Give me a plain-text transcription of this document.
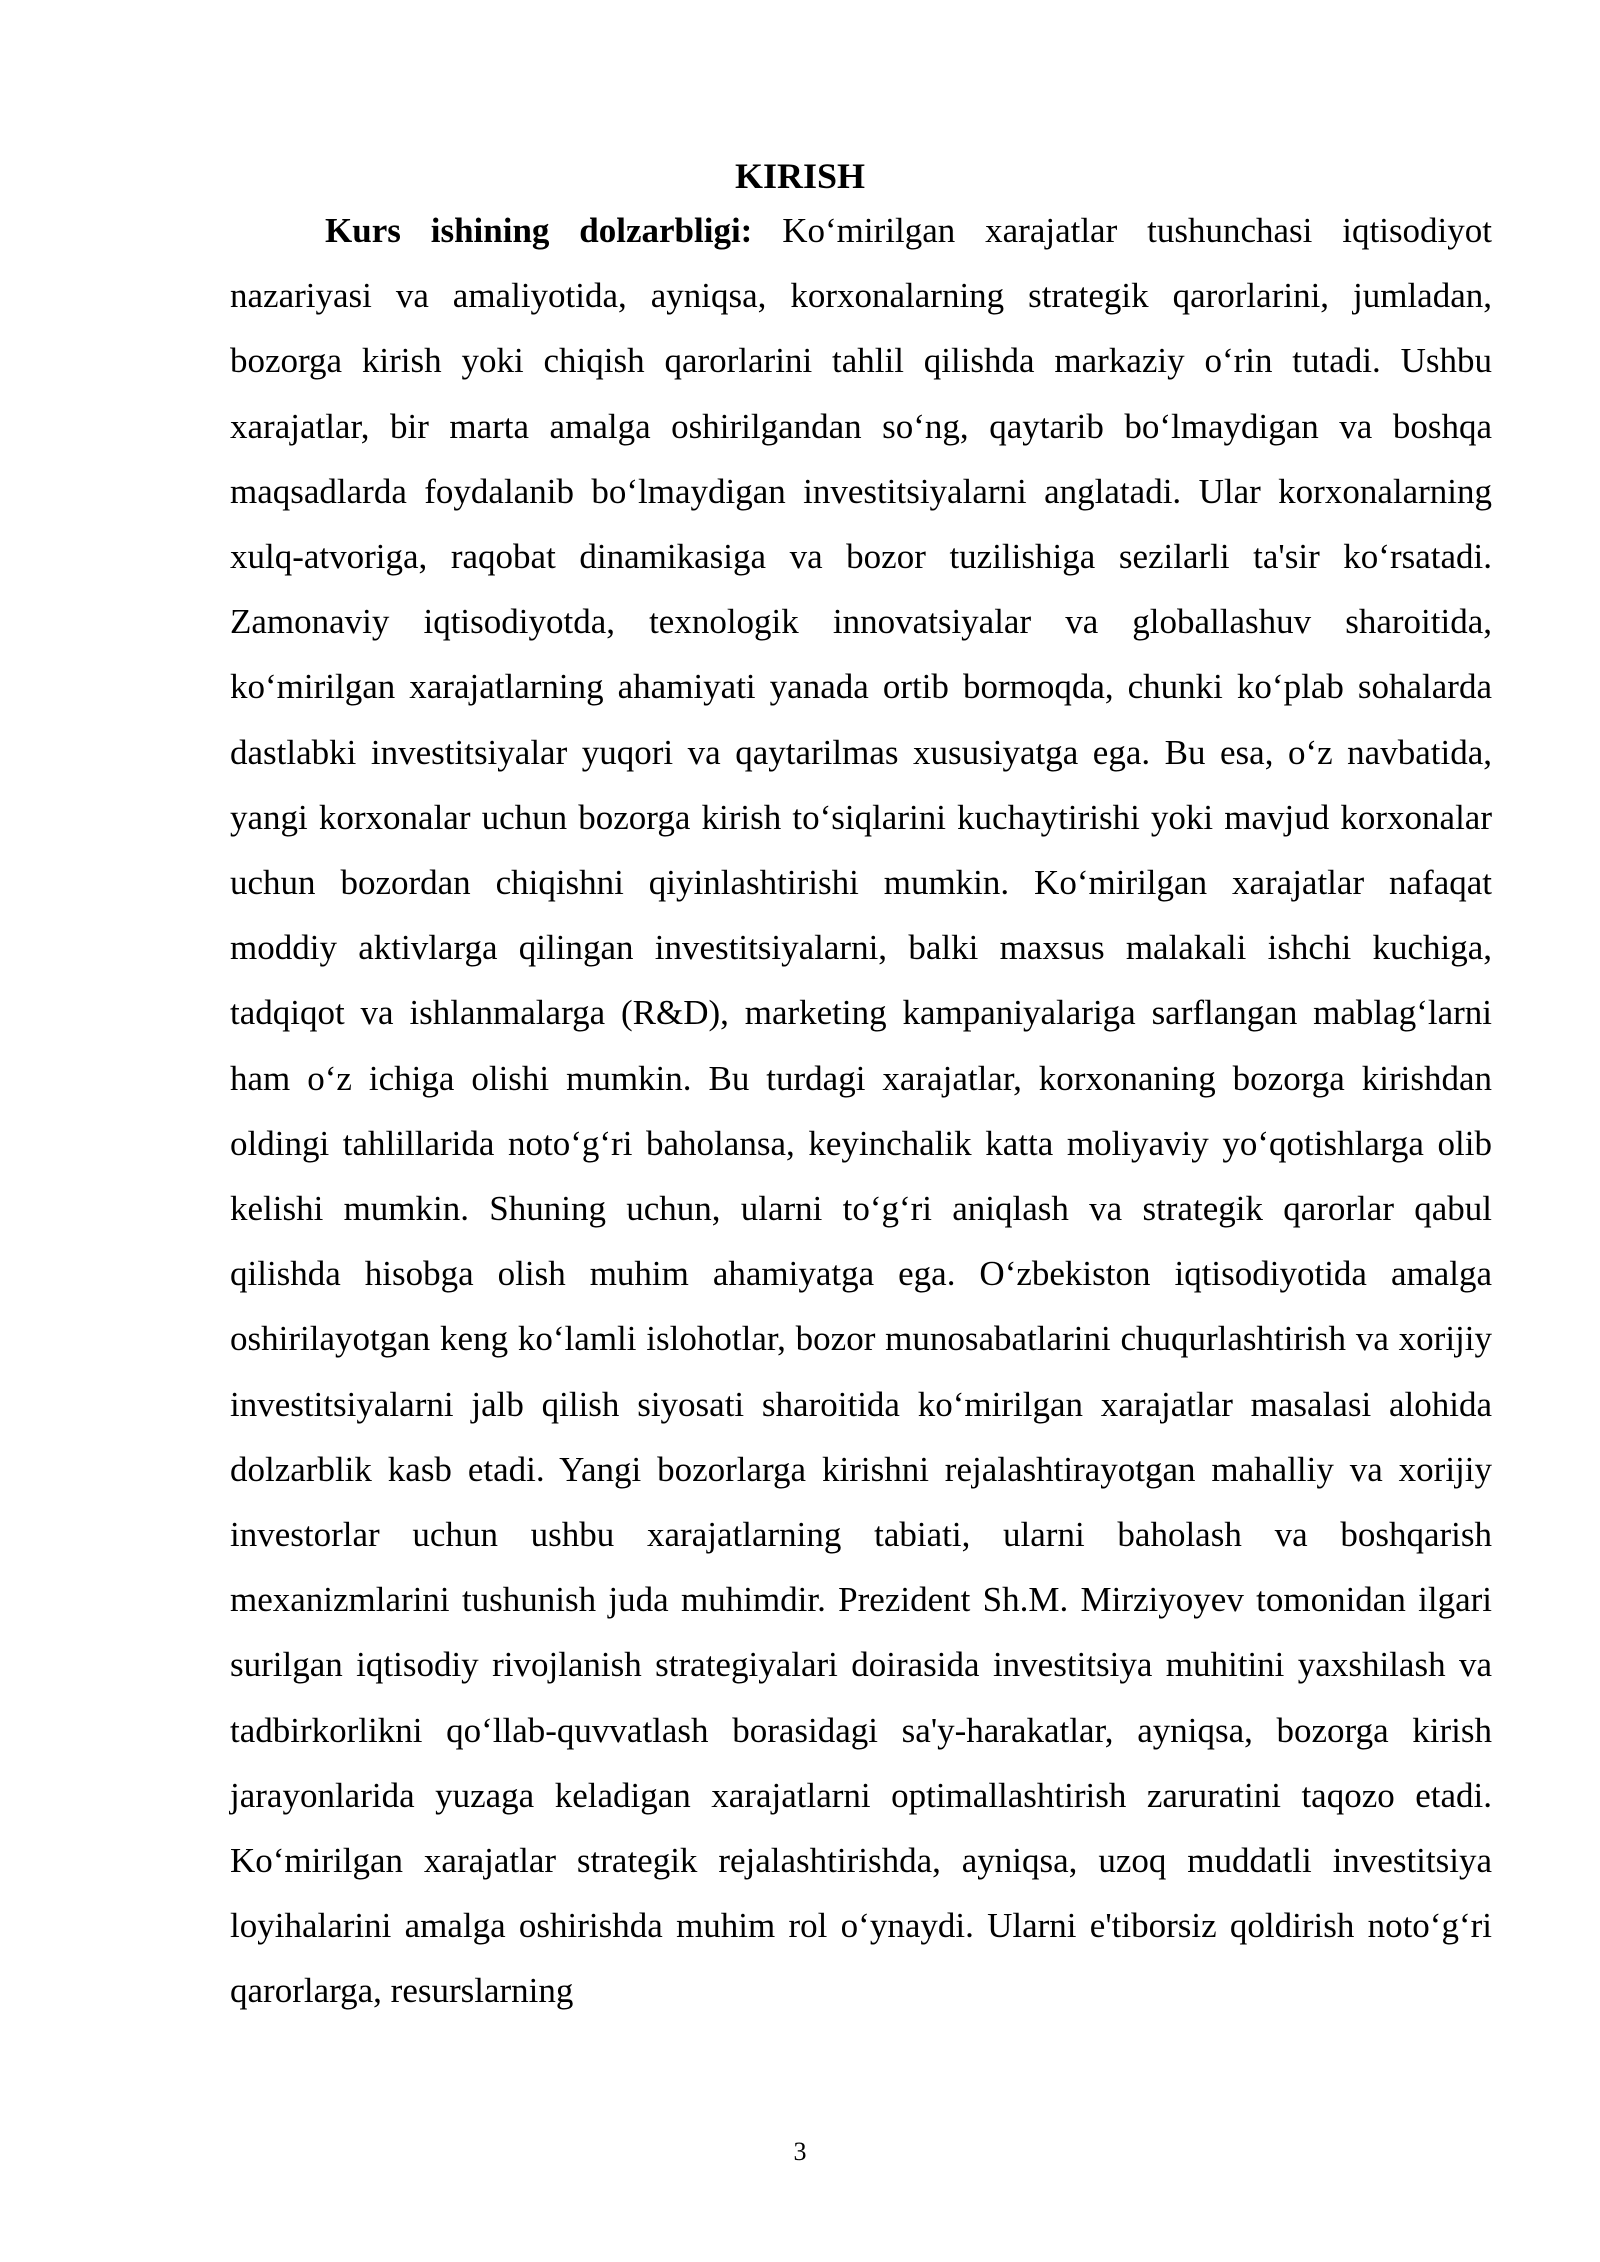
KIRISH

Kurs ishining dolzarbligi: Ko‘mirilgan xarajatlar tushunchasi iqtisodiyot nazariyasi va amaliyotida, ayniqsa, korxonalarning strategik qarorlarini, jumladan, bozorga kirish yoki chiqish qarorlarini tahlil qilishda markaziy o‘rin tutadi. Ushbu xarajatlar, bir marta amalga oshirilgandan so‘ng, qaytarib bo‘lmaydigan va boshqa maqsadlarda foydalanib bo‘lmaydigan investitsiyalarni anglatadi. Ular korxonalarning xulq-atvoriga, raqobat dinamikasiga va bozor tuzilishiga sezilarli ta'sir ko‘rsatadi. Zamonaviy iqtisodiyotda, texnologik innovatsiyalar va globallashuv sharoitida, ko‘mirilgan xarajatlarning ahamiyati yanada ortib bormoqda, chunki ko‘plab sohalarda dastlabki investitsiyalar yuqori va qaytarilmas xususiyatga ega. Bu esa, o‘z navbatida, yangi korxonalar uchun bozorga kirish to‘siqlarini kuchaytirishi yoki mavjud korxonalar uchun bozordan chiqishni qiyinlashtirishi mumkin. Ko‘mirilgan xarajatlar nafaqat moddiy aktivlarga qilingan investitsiyalarni, balki maxsus malakali ishchi kuchiga, tadqiqot va ishlanmalarga (R&D), marketing kampaniyalariga sarflangan mablag‘larni ham o‘z ichiga olishi mumkin. Bu turdagi xarajatlar, korxonaning bozorga kirishdan oldingi tahlillarida noto‘g‘ri baholansa, keyinchalik katta moliyaviy yo‘qotishlarga olib kelishi mumkin. Shuning uchun, ularni to‘g‘ri aniqlash va strategik qarorlar qabul qilishda hisobga olish muhim ahamiyatga ega. O‘zbekiston iqtisodiyotida amalga oshirilayotgan keng ko‘lamli islohotlar, bozor munosabatlarini chuqurlashtirish va xorijiy investitsiyalarni jalb qilish siyosati sharoitida ko‘mirilgan xarajatlar masalasi alohida dolzarblik kasb etadi. Yangi bozorlarga kirishni rejalashtirayotgan mahalliy va xorijiy investorlar uchun ushbu xarajatlarning tabiati, ularni baholash va boshqarish mexanizmlarini tushunish juda muhimdir. Prezident Sh.M. Mirziyoyev tomonidan ilgari surilgan iqtisodiy rivojlanish strategiyalari doirasida investitsiya muhitini yaxshilash va tadbirkorlikni qo‘llab-quvvatlash borasidagi sa'y-harakatlar, ayniqsa, bozorga kirish jarayonlarida yuzaga keladigan xarajatlarni optimallashtirish zaruratini taqozo etadi. Ko‘mirilgan xarajatlar strategik rejalashtirishda, ayniqsa, uzoq muddatli investitsiya loyihalarini amalga oshirishda muhim rol o‘ynaydi. Ularni e'tiborsiz qoldirish noto‘g‘ri qarorlarga, resurslarning

3
